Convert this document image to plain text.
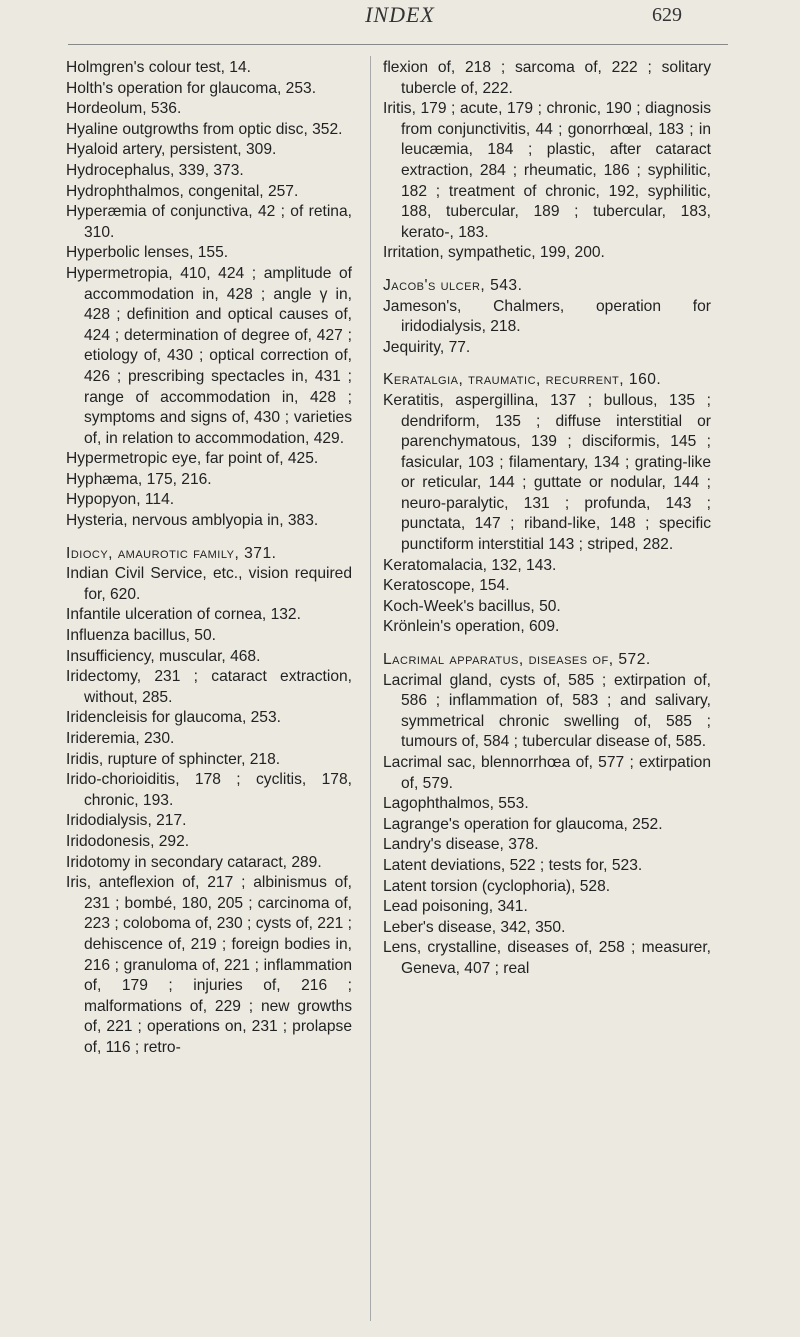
INDEX	629
Holmgren's colour test, 14.
Holth's operation for glaucoma, 253.
Hordeolum, 536.
Hyaline outgrowths from optic disc, 352.
Hyaloid artery, persistent, 309.
Hydrocephalus, 339, 373.
Hydrophthalmos, congenital, 257.
Hyperæmia of conjunctiva, 42 ; of retina, 310.
Hyperbolic lenses, 155.
Hypermetropia, 410, 424 ; amplitude of accommodation in, 428 ; angle γ in, 428 ; definition and optical causes of, 424 ; determination of degree of, 427 ; etiology of, 430 ; optical correction of, 426 ; prescribing spectacles in, 431 ; range of accommodation in, 428 ; symptoms and signs of, 430 ; varieties of, in relation to accommodation, 429.
Hypermetropic eye, far point of, 425.
Hyphæma, 175, 216.
Hypopyon, 114.
Hysteria, nervous amblyopia in, 383.
Idiocy, amaurotic family, 371.
Indian Civil Service, etc., vision required for, 620.
Infantile ulceration of cornea, 132.
Influenza bacillus, 50.
Insufficiency, muscular, 468.
Iridectomy, 231 ; cataract extraction, without, 285.
Iridencleisis for glaucoma, 253.
Irideremia, 230.
Iridis, rupture of sphincter, 218.
Irido-chorioiditis, 178 ; cyclitis, 178, chronic, 193.
Iridodialysis, 217.
Iridodonesis, 292.
Iridotomy in secondary cataract, 289.
Iris, anteflexion of, 217 ; albinismus of, 231 ; bombé, 180, 205 ; carcinoma of, 223 ; coloboma of, 230 ; cysts of, 221 ; dehiscence of, 219 ; foreign bodies in, 216 ; granuloma of, 221 ; inflammation of, 179 ; injuries of, 216 ; malformations of, 229 ; new growths of, 221 ; operations on, 231 ; prolapse of, 116 ; retro-
flexion of, 218 ; sarcoma of, 222 ; solitary tubercle of, 222.
Iritis, 179 ; acute, 179 ; chronic, 190 ; diagnosis from conjunctivitis, 44 ; gonorrhœal, 183 ; in leucæmia, 184 ; plastic, after cataract extraction, 284 ; rheumatic, 186 ; syphilitic, 182 ; treatment of chronic, 192, syphilitic, 188, tubercular, 189 ; tubercular, 183, kerato-, 183.
Irritation, sympathetic, 199, 200.
Jacob's ulcer, 543.
Jameson's, Chalmers, operation for iridodialysis, 218.
Jequirity, 77.
Keratalgia, traumatic, recurrent, 160.
Keratitis, aspergillina, 137 ; bullous, 135 ; dendriform, 135 ; diffuse interstitial or parenchymatous, 139 ; disciformis, 145 ; fasicular, 103 ; filamentary, 134 ; grating-like or reticular, 144 ; guttate or nodular, 144 ; neuro-paralytic, 131 ; profunda, 143 ; punctata, 147 ; riband-like, 148 ; specific punctiform interstitial 143 ; striped, 282.
Keratomalacia, 132, 143.
Keratoscope, 154.
Koch-Week's bacillus, 50.
Krönlein's operation, 609.
Lacrimal apparatus, diseases of, 572.
Lacrimal gland, cysts of, 585 ; extirpation of, 586 ; inflammation of, 583 ; and salivary, symmetrical chronic swelling of, 585 ; tumours of, 584 ; tubercular disease of, 585.
Lacrimal sac, blennorrhœa of, 577 ; extirpation of, 579.
Lagophthalmos, 553.
Lagrange's operation for glaucoma, 252.
Landry's disease, 378.
Latent deviations, 522 ; tests for, 523.
Latent torsion (cyclophoria), 528.
Lead poisoning, 341.
Leber's disease, 342, 350.
Lens, crystalline, diseases of, 258 ; measurer, Geneva, 407 ; real
